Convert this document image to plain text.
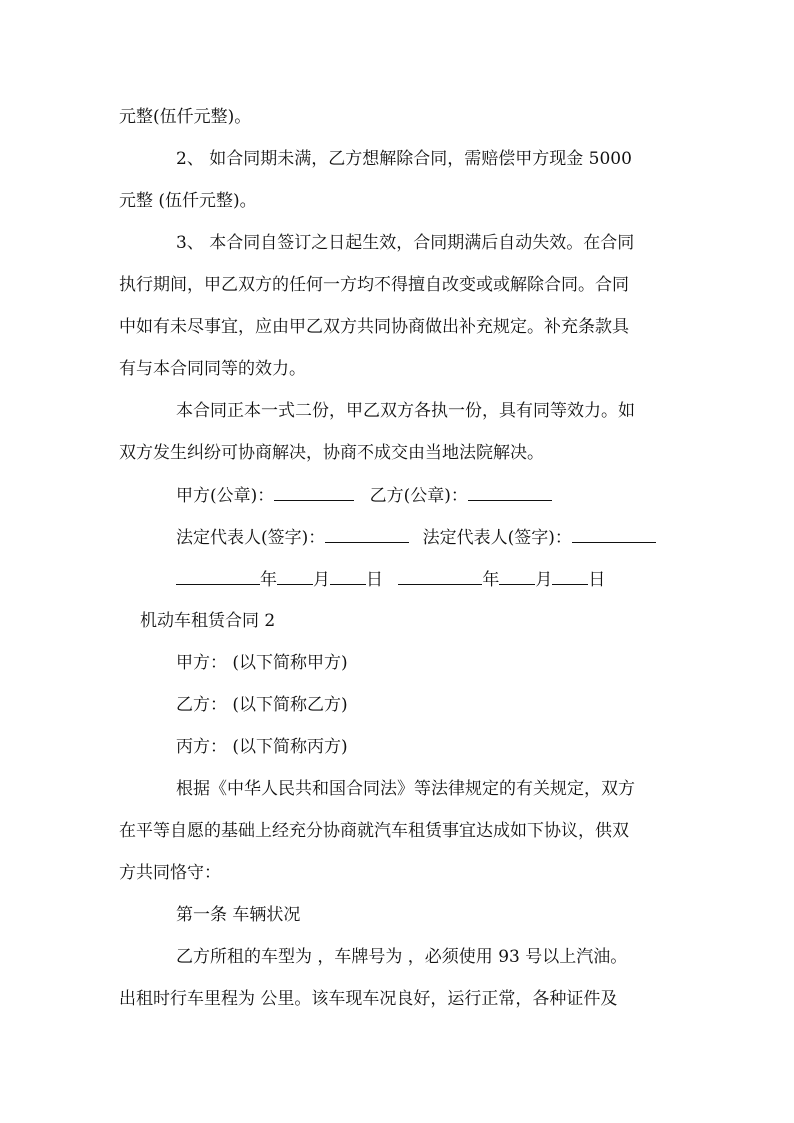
元整(伍仟元整)。
2、 如合同期未满，乙方想解除合同，需赔偿甲方现金 5000
元整 (伍仟元整)。
3、 本合同自签订之日起生效，合同期满后自动失效。在合同
执行期间，甲乙双方的任何一方均不得擅自改变或或解除合同。合同
中如有未尽事宜，应由甲乙双方共同协商做出补充规定。补充条款具
有与本合同同等的效力。
本合同正本一式二份，甲乙双方各执一份，具有同等效力。如
双方发生纠纷可协商解决，协商不成交由当地法院解决。
甲方(公章)：	乙方(公章)：
法定代表人(签字)：	法定代表人(签字)：
年 月 日	年 月 日
机动车租赁合同 2
甲方： (以下简称甲方)
乙方： (以下简称乙方)
丙方： (以下简称丙方)
根据《中华人民共和国合同法》等法律规定的有关规定，双方
在平等自愿的基础上经充分协商就汽车租赁事宜达成如下协议，供双
方共同恪守：
第一条 车辆状况
乙方所租的车型为 ，车牌号为 ，必须使用 93 号以上汽油。
出租时行车里程为 公里。该车现车况良好，运行正常，各种证件及
